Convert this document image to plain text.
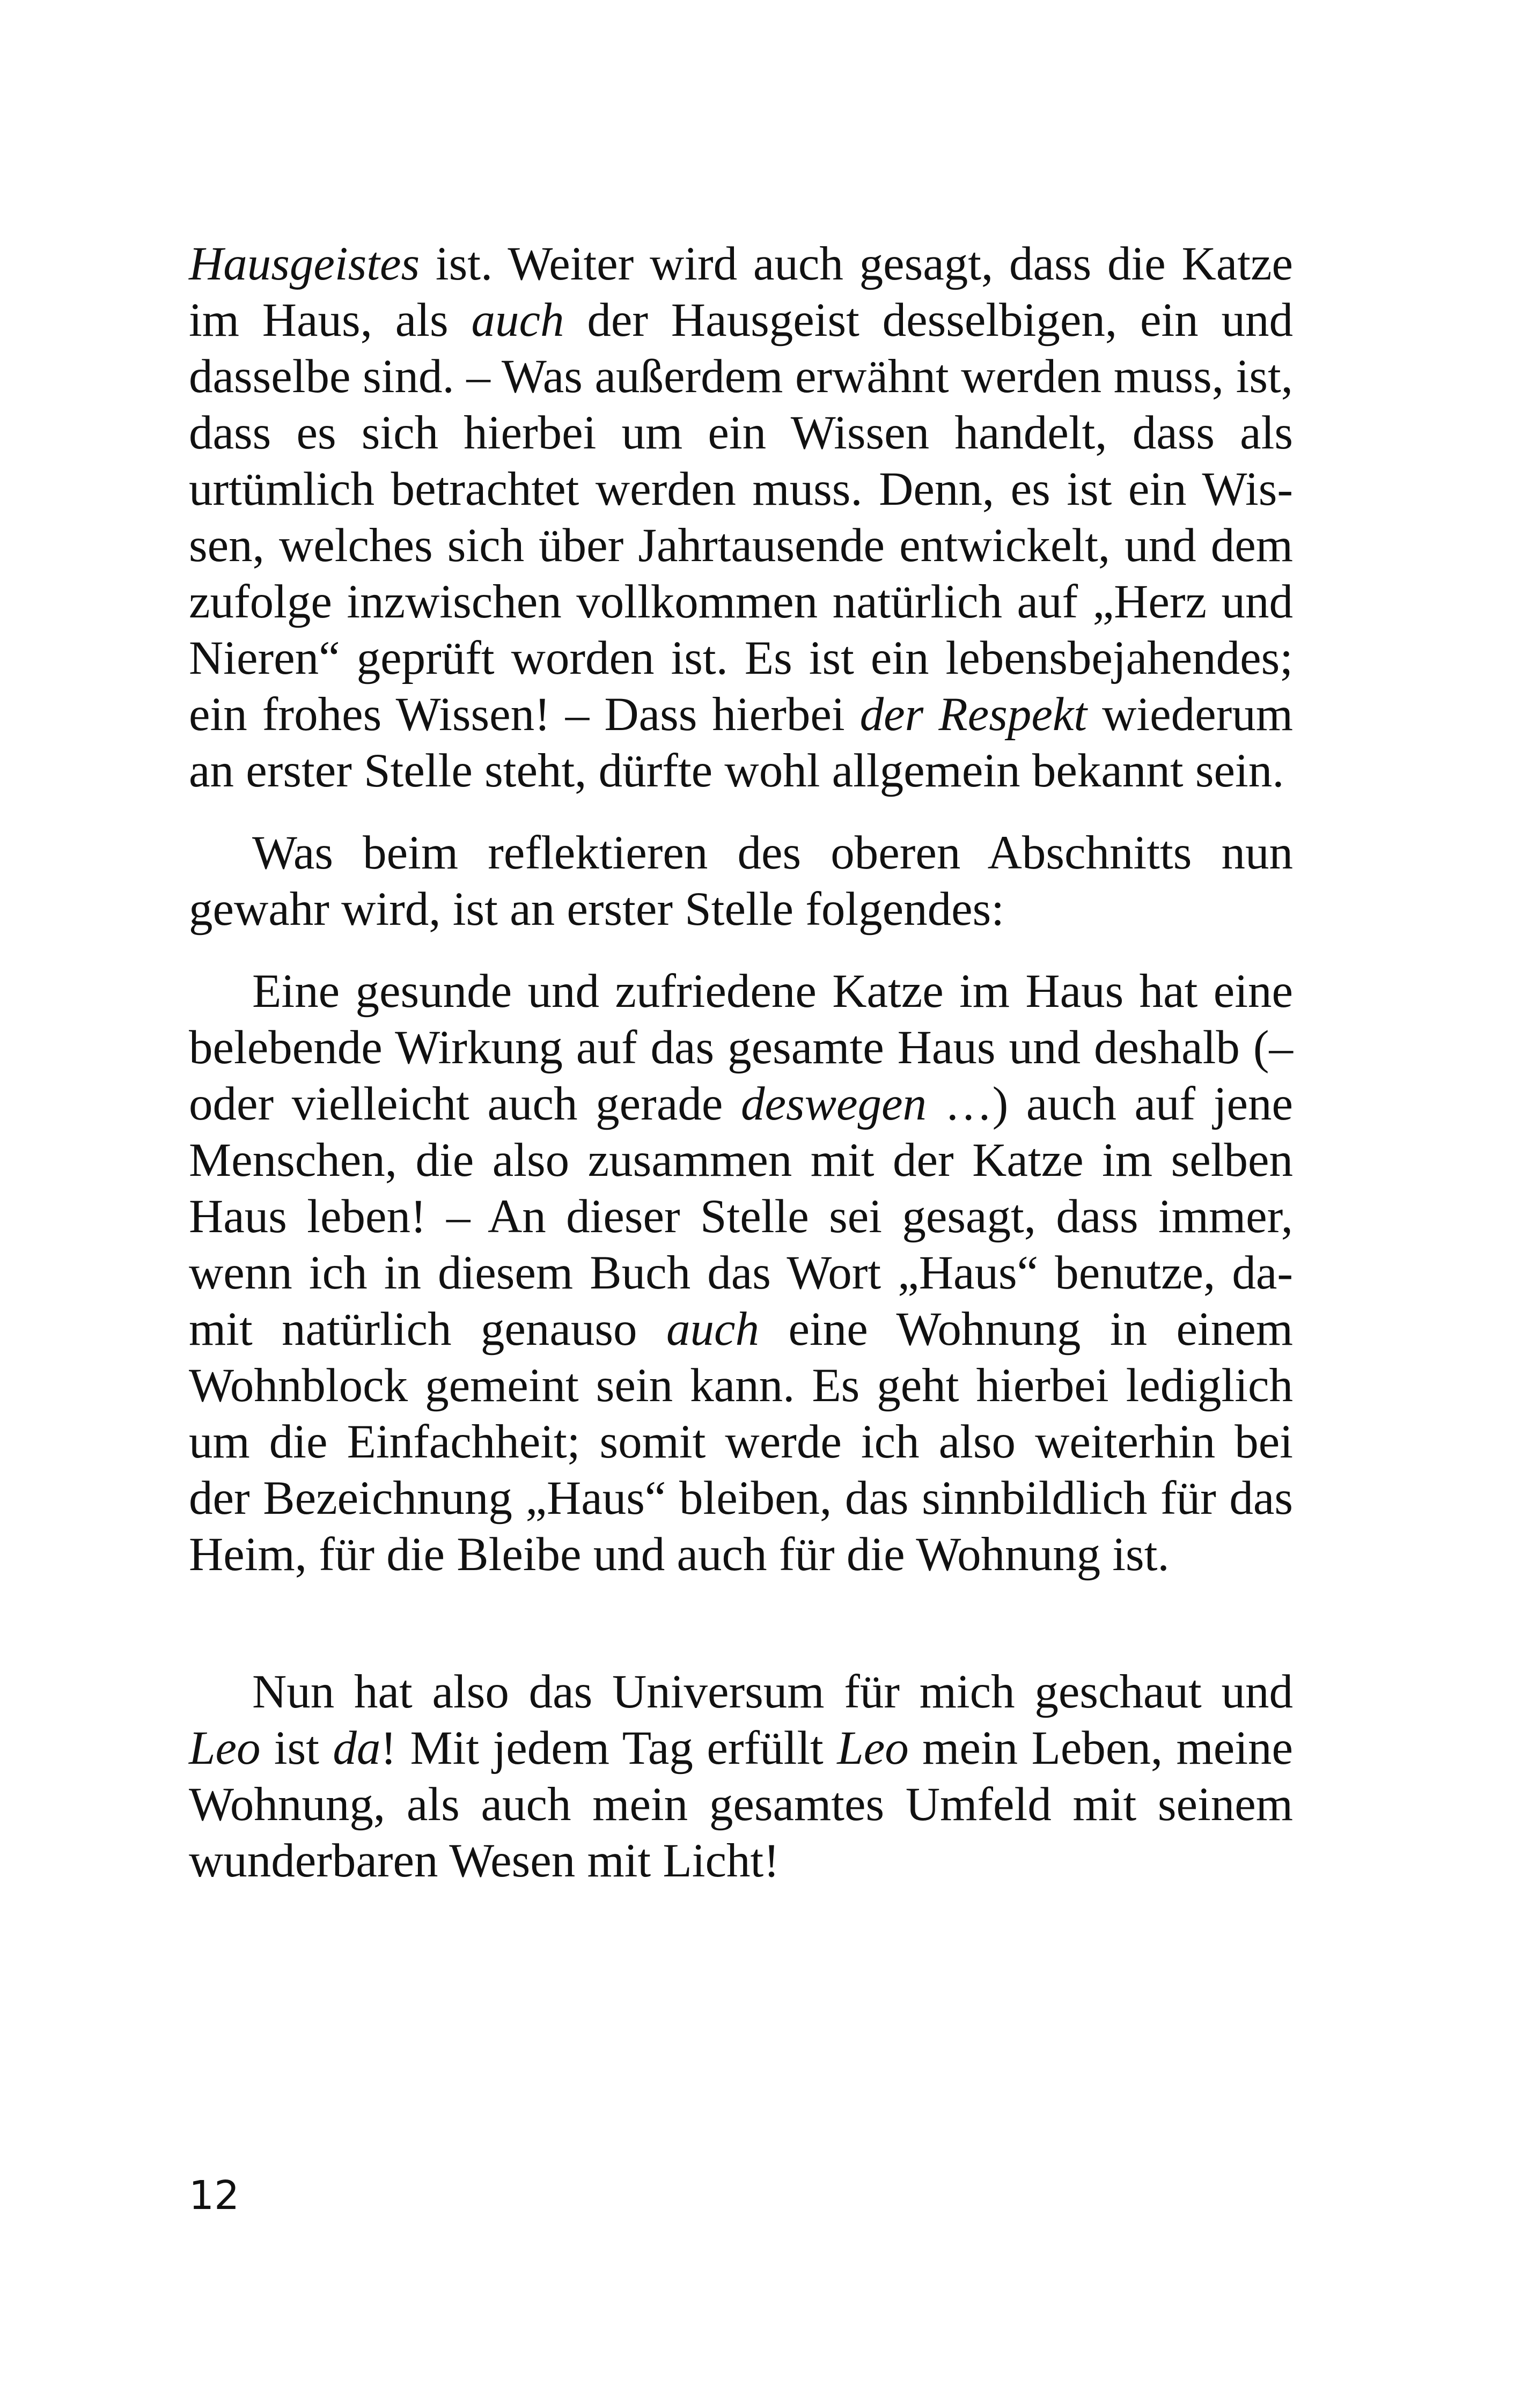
Hausgeistes ist. Weiter wird auch gesagt, dass die Katze im Haus, als auch der Hausgeist desselbigen, ein und dasselbe sind. – Was außerdem erwähnt werden muss, ist, dass es sich hierbei um ein Wissen handelt, dass als urtümlich betrachtet werden muss. Denn, es ist ein Wissen, welches sich über Jahrtausende entwickelt, und dem zufolge inzwischen vollkommen natürlich auf „Herz und Nieren“ geprüft worden ist. Es ist ein lebensbejahendes; ein frohes Wissen! – Dass hierbei der Respekt wiederum an erster Stelle steht, dürfte wohl allgemein bekannt sein.

Was beim reflektieren des oberen Abschnitts nun gewahr wird, ist an erster Stelle folgendes:

Eine gesunde und zufriedene Katze im Haus hat eine belebende Wirkung auf das gesamte Haus und deshalb (– oder vielleicht auch gerade deswegen …) auch auf jene Menschen, die also zusammen mit der Katze im selben Haus leben! – An dieser Stelle sei gesagt, dass immer, wenn ich in diesem Buch das Wort „Haus“ benutze, damit natürlich genauso auch eine Wohnung in einem Wohnblock gemeint sein kann. Es geht hierbei lediglich um die Einfachheit; somit werde ich also weiterhin bei der Bezeichnung „Haus“ bleiben, das sinnbildlich für das Heim, für die Bleibe und auch für die Wohnung ist.

Nun hat also das Universum für mich geschaut und Leo ist da! Mit jedem Tag erfüllt Leo mein Leben, meine Wohnung, als auch mein gesamtes Umfeld mit seinem wunderbaren Wesen mit Licht!

12
